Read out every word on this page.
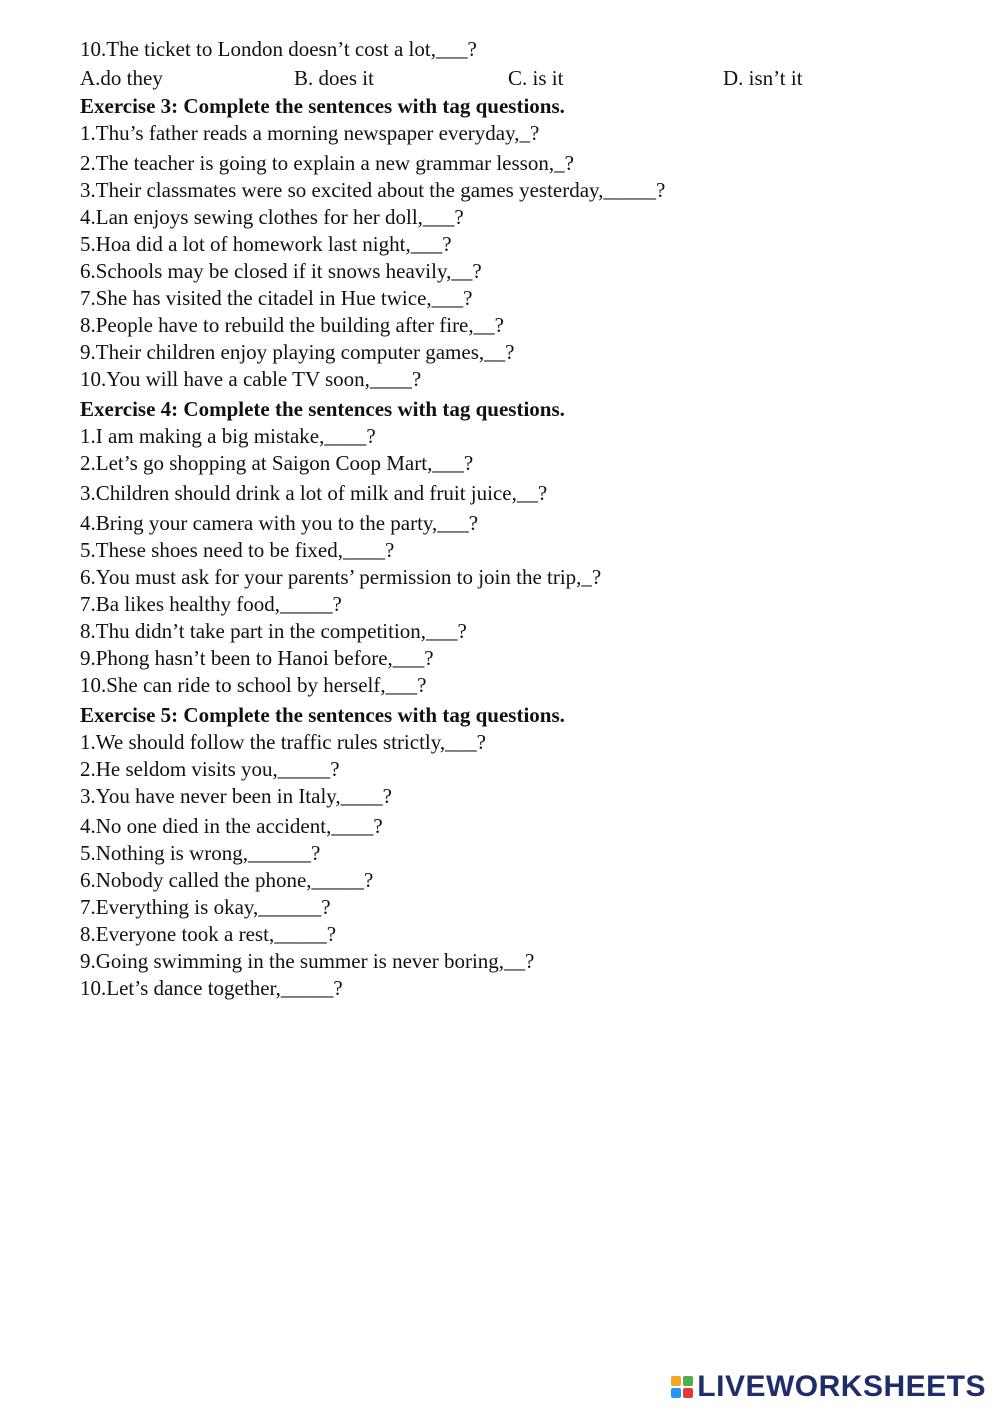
10.The ticket to London doesn’t cost a lot,___?
A.do they	B. does it	C. is it	D. isn’t it
Exercise 3: Complete the sentences with tag questions.
1.Thu’s father reads a morning newspaper everyday,_?
2.The teacher is going to explain a new grammar lesson,_?
3.Their classmates were so excited about the games yesterday,_____?
4.Lan enjoys sewing clothes for her doll,___?
5.Hoa did a lot of homework last night,___?
6.Schools may be closed if it snows heavily,__?
7.She has visited the citadel in Hue twice,___?
8.People have to rebuild the building after fire,__?
9.Their children enjoy playing computer games,__?
10.You will have a cable TV soon,____?
Exercise 4: Complete the sentences with tag questions.
1.I am making a big mistake,____?
2.Let’s go shopping at Saigon Coop Mart,___?
3.Children should drink a lot of milk and fruit juice,__?
4.Bring your camera with you to the party,___?
5.These shoes need to be fixed,____?
6.You must ask for your parents’ permission to join the trip,_?
7.Ba likes healthy food,_____?
8.Thu didn’t take part in the competition,___?
9.Phong hasn’t been to Hanoi before,___?
10.She can ride to school by herself,___?
Exercise 5: Complete the sentences with tag questions.
1.We should follow the traffic rules strictly,___?
2.He seldom visits you,_____?
3.You have never been in Italy,____?
4.No one died in the accident,____?
5.Nothing is wrong,______?
6.Nobody called the phone,_____?
7.Everything is okay,______?
8.Everyone took a rest,_____?
9.Going swimming in the summer is never boring,__?
10.Let’s dance together,_____?
LIVEWORKSHEETS
